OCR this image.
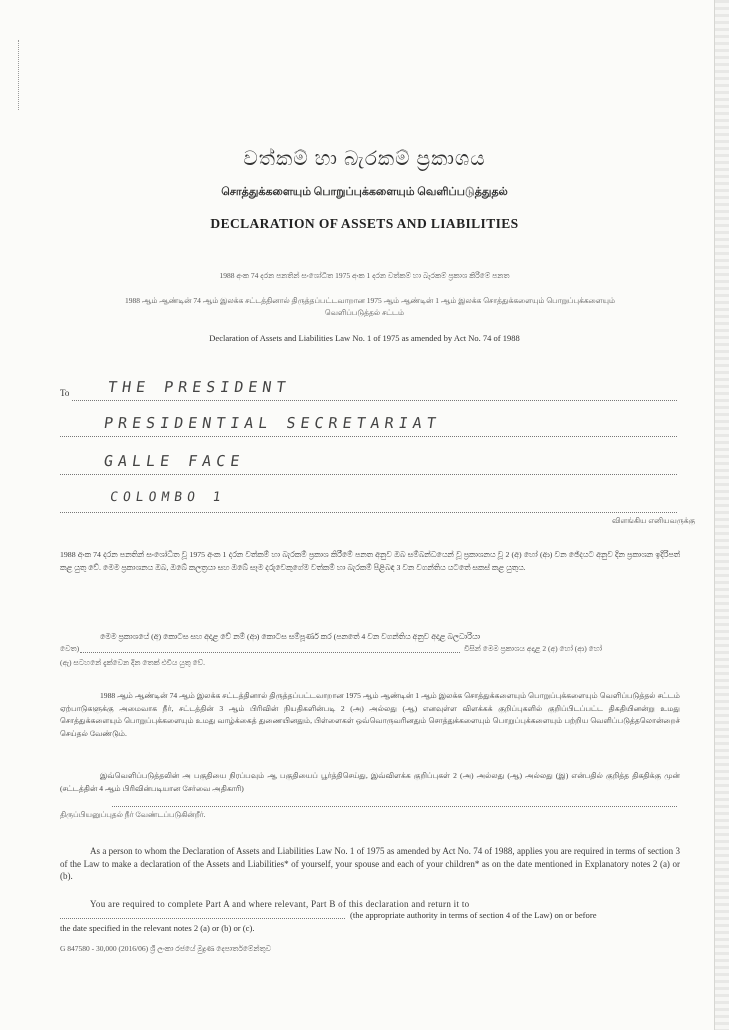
වත්කම් හා බැරකම් ප්‍රකාශය
சொத்துக்களையும் பொறுப்புக்களையும் வெளிப்படுத்துதல்
DECLARATION OF ASSETS AND LIABILITIES
1988 අංක 74 දරන පනතින් සංශෝධිත 1975 අංක 1 දරන වත්කම් හා බැරකම් ප්‍රකාශ කිරීමේ පනත
1988 ஆம் ஆண்டின் 74 ஆம் இலக்க சட்டத்தினால் திருத்தப்பட்டவாறான 1975 ஆம் ஆண்டின் 1 ஆம் இலக்க சொத்துக்களையும் பொறுப்புக்களையும்
வெளிப்படுத்தல் சட்டம்
Declaration of Assets and Liabilities Law No. 1 of 1975 as amended by Act No. 74 of 1988
To THE PRESIDENT
PRESIDENTIAL SECRETARIAT
GALLE FACE
COLOMBO 1
விளங்கிய எனியவருக்கு
1988 අංක 74 දරන පනතින් සංශෝධිත වූ 1975 අංක 1 දරන වත්කම් හා බැරකම් ප්‍රකාශ කිරීමේ පනත අනුව ඔබ සම්බන්ධයෙන් වූ ප්‍රකාශනය වූ 2 (අ) හෝ (ආ) වන ඡේදයට අනුව දින ප්‍රකාශන ඉදිරිපත් කළ යුතු වේ. මෙම ප්‍රකාශනය ඔබ, ඔබේ කලත්‍රයා සහ ඔබේ සෑම දරුවෙකුගේම වත්කම් හා බැරකම් පිළිබඳ 3 වන වගන්තිය යටතේ සකස් කළ යුතුය.
මෙම ප්‍රකාශයේ (අ) කොටස සහ අදාළ වේ නම් (ආ) කොටස සම්පූර්ණ කර (පනතේ 4 වන වගන්තිය අනුව අදාළ බලධාරියා
වෙත)	විසින් මෙම ප්‍රකාශය අදාළ 2 (අ) හෝ (ආ) හෝ
(ඇ) සටහනේ දැක්වෙන දින තෙක් එවිය යුතු වේ.
1988 ஆம் ஆண்டின் 74 ஆம் இலக்க சட்டத்தினால் திருத்தப்பட்டவாறான 1975 ஆம் ஆண்டின் 1 ஆம் இலக்க சொத்துக்களையும் பொறுப்புக்களையும் வெளிப்படுத்தல் சட்டம் ஏற்பாடுகளுக்கு அமைவாக நீர், சட்டத்தின் 3 ஆம் பிரிவின் நியதிகளின்படி 2 (அ) அல்லது (ஆ) எனவுள்ள விளக்கக் குறிப்புகளில் குறிப்பிடப்பட்ட திகதியினன்று உமது சொத்துக்களையும் பொறுப்புக்களையும் உமது வாழ்க்கைத் துணையினதும், பிள்ளைகள் ஒவ்வொருவரினதும் சொத்துக்களையும் பொறுப்புக்களையும் பற்றிய வெளிப்படுத்தலொன்றைச் செய்தல் வேண்டும்.
இவ்வெளிப்படுத்தலின் அ பகுதியை நிரப்பவும் ஆ பகுதியைப் பூர்த்திசெய்து, இவ்விளக்க குறிப்புகள் 2 (அ) அல்லது (ஆ) அல்லது (இ) என்பதில் குறித்த திகதிக்கு முன் (சட்டத்தின் 4 ஆம் பிரிவின்படியான சேர்வை அதிகாரி)
திருப்பியனுப்புதல் நீர் வேண்டப்படுகின்றீர்.
As a person to whom the Declaration of Assets and Liabilities Law No. 1 of 1975 as amended by Act No. 74 of 1988, applies you are required in terms of section 3 of the Law to make a declaration of the Assets and Liabilities* of yourself, your spouse and each of your children* as on the date mentioned in Explanatory notes 2 (a) or (b).
You are required to complete Part A and where relevant, Part B of this declaration and return it to
(the appropriate authority in terms of section 4 of the Law) on or before
the date specified in the relevant notes 2 (a) or (b) or (c).
G 847580 - 30,000 (2016/06) ශ්‍රී ලංකා රජයේ මුද්‍රණ දෙපාර්තමේන්තුව
